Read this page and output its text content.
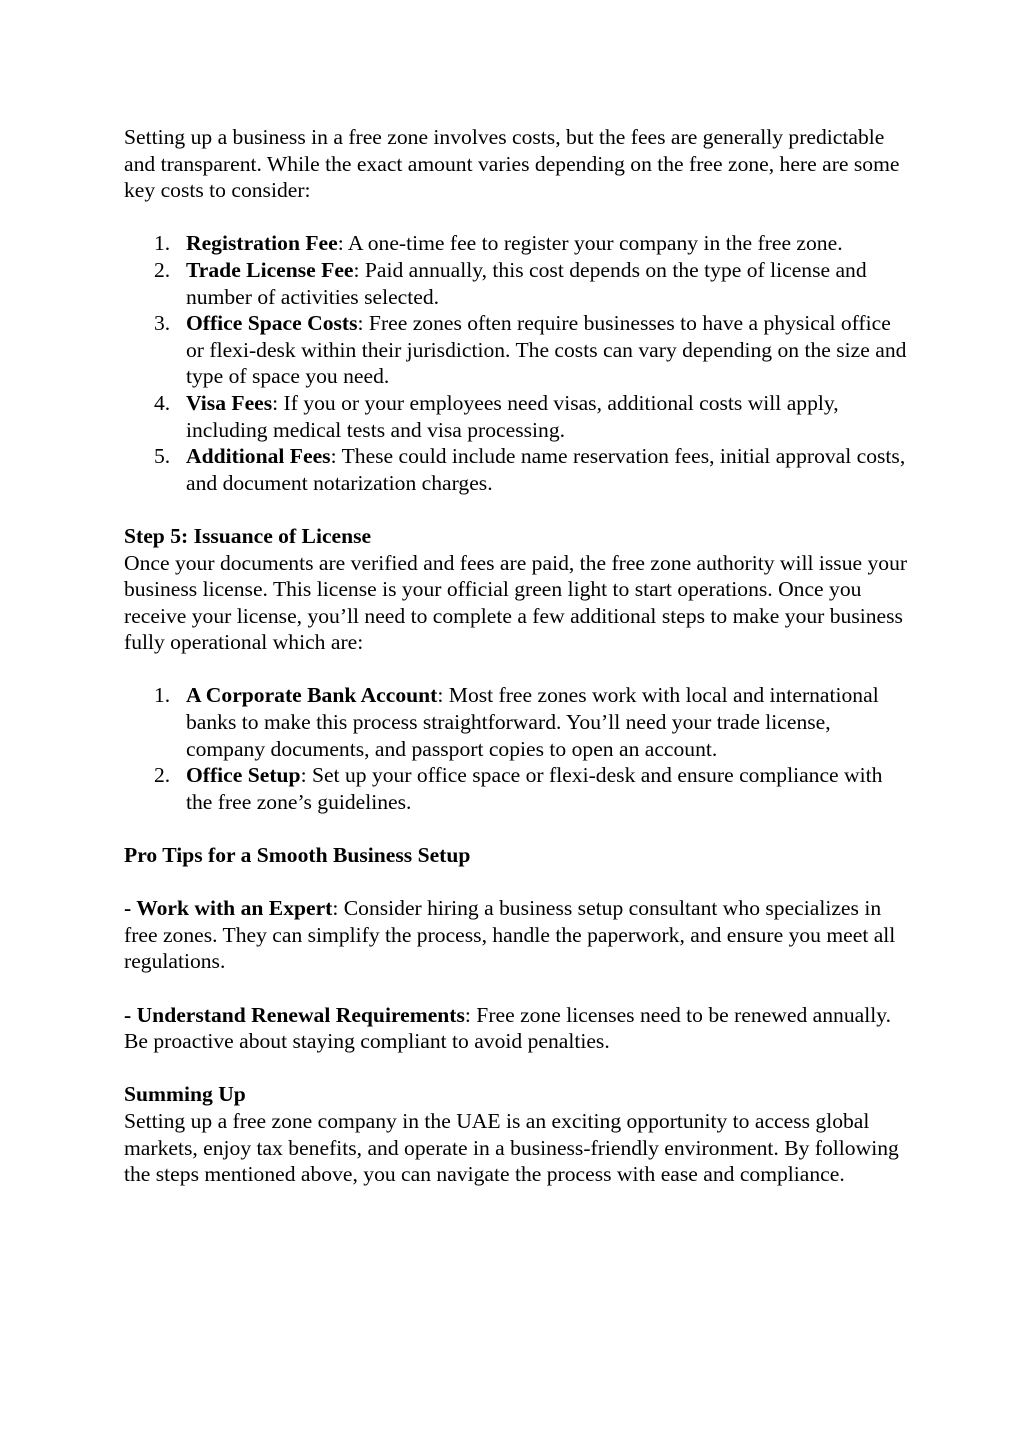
Setting up a business in a free zone involves costs, but the fees are generally predictable and transparent. While the exact amount varies depending on the free zone, here are some key costs to consider:

1. Registration Fee: A one-time fee to register your company in the free zone.
2. Trade License Fee: Paid annually, this cost depends on the type of license and number of activities selected.
3. Office Space Costs: Free zones often require businesses to have a physical office or flexi-desk within their jurisdiction. The costs can vary depending on the size and type of space you need.
4. Visa Fees: If you or your employees need visas, additional costs will apply, including medical tests and visa processing.
5. Additional Fees: These could include name reservation fees, initial approval costs, and document notarization charges.

Step 5: Issuance of License

Once your documents are verified and fees are paid, the free zone authority will issue your business license. This license is your official green light to start operations. Once you receive your license, you’ll need to complete a few additional steps to make your business fully operational which are:

1. A Corporate Bank Account: Most free zones work with local and international banks to make this process straightforward. You’ll need your trade license, company documents, and passport copies to open an account.
2. Office Setup: Set up your office space or flexi-desk and ensure compliance with the free zone’s guidelines.

Pro Tips for a Smooth Business Setup

- Work with an Expert: Consider hiring a business setup consultant who specializes in free zones. They can simplify the process, handle the paperwork, and ensure you meet all regulations.

- Understand Renewal Requirements: Free zone licenses need to be renewed annually. Be proactive about staying compliant to avoid penalties.

Summing Up

Setting up a free zone company in the UAE is an exciting opportunity to access global markets, enjoy tax benefits, and operate in a business-friendly environment. By following the steps mentioned above, you can navigate the process with ease and compliance.
